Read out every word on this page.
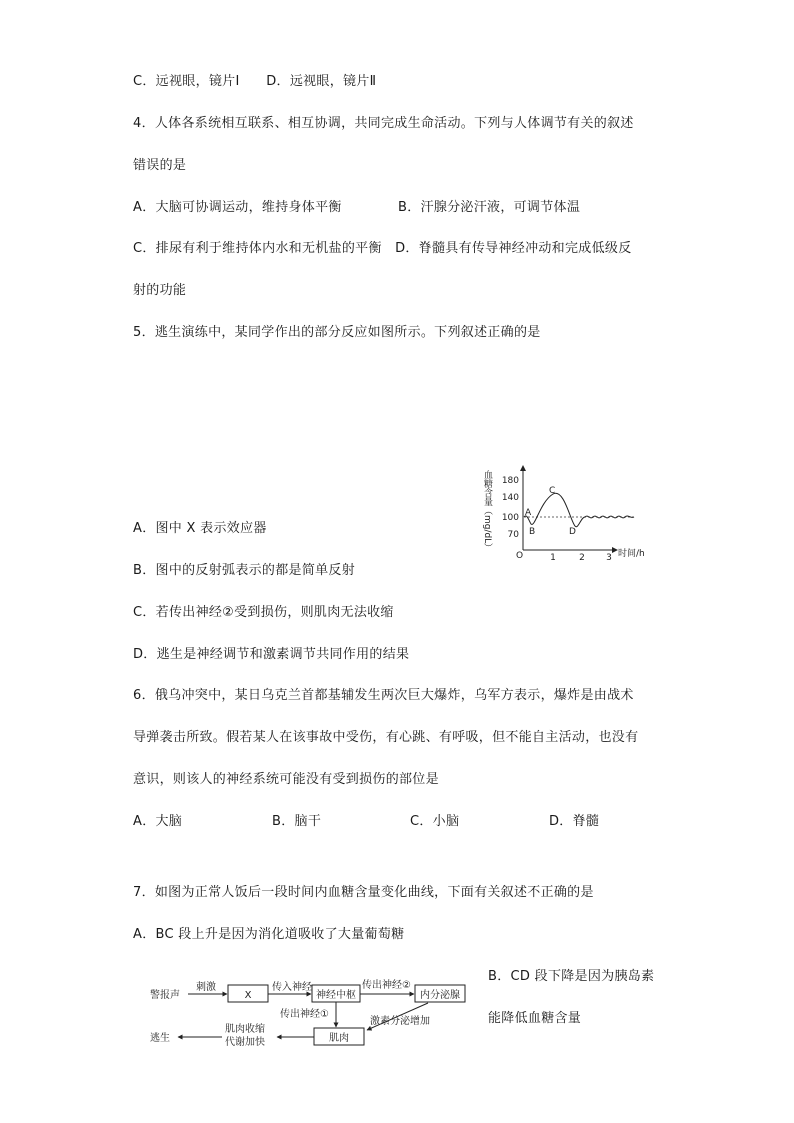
C．远视眼，镜片Ⅰ　　D．远视眼，镜片Ⅱ
4．人体各系统相互联系、相互协调，共同完成生命活动。下列与人体调节有关的叙述
错误的是
A．大脑可协调运动，维持身体平衡	B．汗腺分泌汗液，可调节体温
C．排尿有利于维持体内水和无机盐的平衡　D．脊髓具有传导神经冲动和完成低级反
射的功能
5．逃生演练中，某同学作出的部分反应如图所示。下列叙述正确的是
血糖含量（mg/dL） 180
140
100
70
O	1	2 3 时间/h
A
B
C
D
A．图中 X 表示效应器
B．图中的反射弧表示的都是简单反射
C．若传出神经②受到损伤，则肌肉无法收缩
D．逃生是神经调节和激素调节共同作用的结果
6．俄乌冲突中，某日乌克兰首都基辅发生两次巨大爆炸，乌军方表示，爆炸是由战术
导弹袭击所致。假若某人在该事故中受伤，有心跳、有呼吸，但不能自主活动，也没有
意识，则该人的神经系统可能没有受到损伤的部位是
A．大脑	B．脑干	C．小脑	D．脊髓
7．如图为正常人饭后一段时间内血糖含量变化曲线，下面有关叙述不正确的是
A．BC 段上升是因为消化道吸收了大量葡萄糖
B．CD 段下降是因为胰岛素
能降低血糖含量
警报声
刺激
X
传入神经
神经中枢
传出神经②
内分泌腺
传出神经①
激素分泌增加
肌肉
肌肉收缩
代谢加快
逃生
